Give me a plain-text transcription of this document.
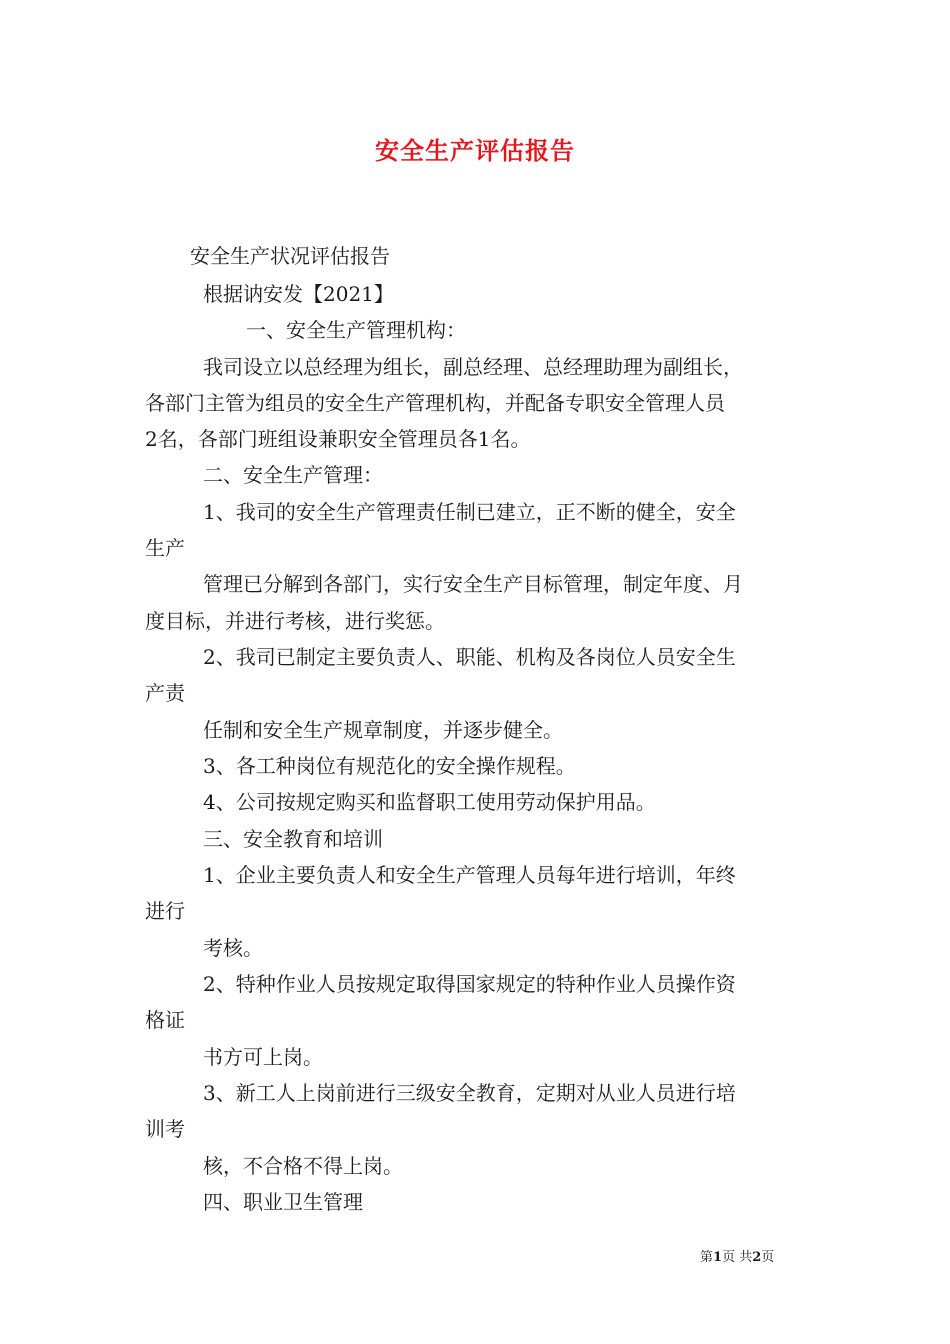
安全生产评估报告
安全生产状况评估报告
根据讷安发【2021】
一、安全生产管理机构：
我司设立以总经理为组长，副总经理、总经理助理为副组长，
各部门主管为组员的安全生产管理机构，并配备专职安全管理人员
2名，各部门班组设兼职安全管理员各1名。
二、安全生产管理：
1、我司的安全生产管理责任制已建立，正不断的健全，安全
生产
管理已分解到各部门，实行安全生产目标管理，制定年度、月
度目标，并进行考核，进行奖惩。
2、我司已制定主要负责人、职能、机构及各岗位人员安全生
产责
任制和安全生产规章制度，并逐步健全。
3、各工种岗位有规范化的安全操作规程。
4、公司按规定购买和监督职工使用劳动保护用品。
三、安全教育和培训
1、企业主要负责人和安全生产管理人员每年进行培训，年终
进行
考核。
2、特种作业人员按规定取得国家规定的特种作业人员操作资
格证
书方可上岗。
3、新工人上岗前进行三级安全教育，定期对从业人员进行培
训考
核，不合格不得上岗。
四、职业卫生管理
第1页 共2页
